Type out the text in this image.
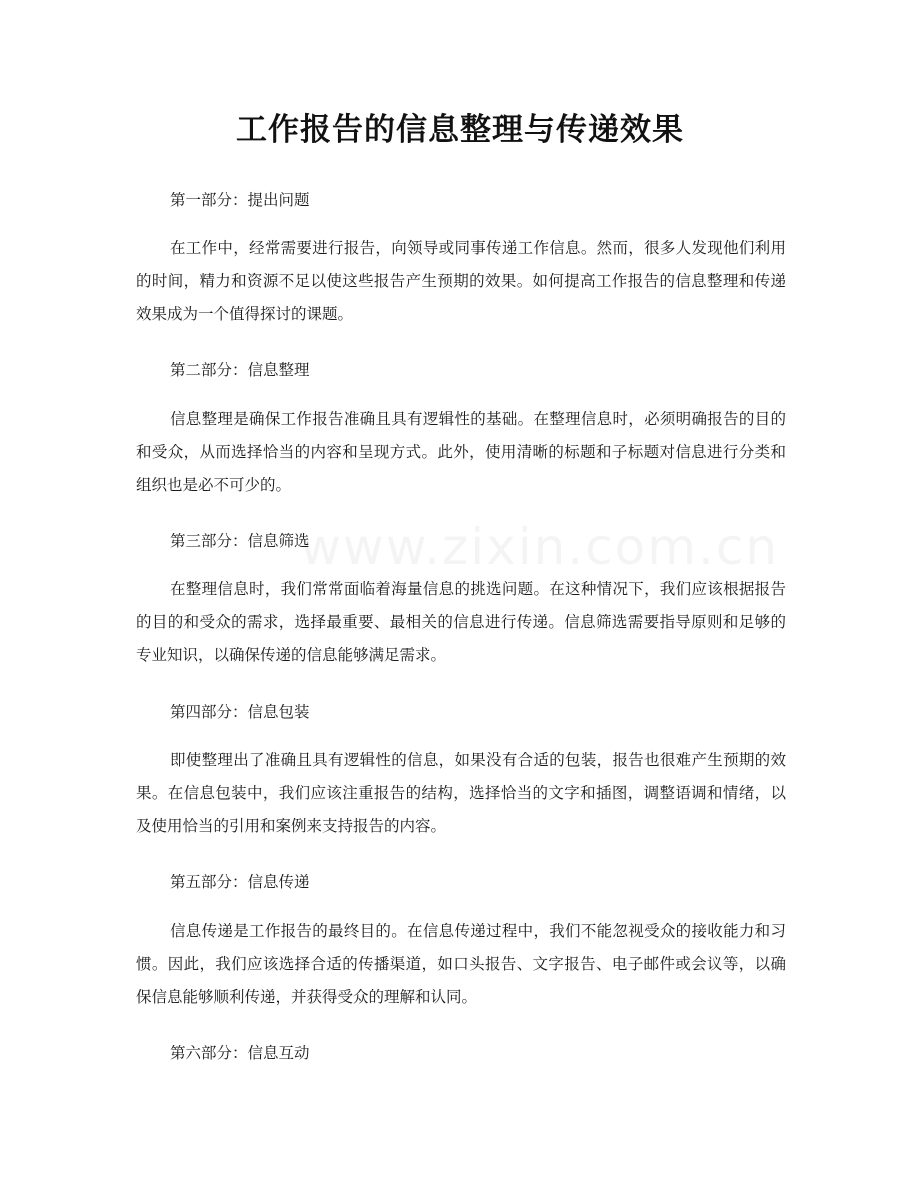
工作报告的信息整理与传递效果
第一部分：提出问题
在工作中，经常需要进行报告，向领导或同事传递工作信息。然而，很多人发现他们利用的时间，精力和资源不足以使这些报告产生预期的效果。如何提高工作报告的信息整理和传递效果成为一个值得探讨的课题。
第二部分：信息整理
信息整理是确保工作报告准确且具有逻辑性的基础。在整理信息时，必须明确报告的目的和受众，从而选择恰当的内容和呈现方式。此外，使用清晰的标题和子标题对信息进行分类和组织也是必不可少的。
第三部分：信息筛选
在整理信息时，我们常常面临着海量信息的挑选问题。在这种情况下，我们应该根据报告的目的和受众的需求，选择最重要、最相关的信息进行传递。信息筛选需要指导原则和足够的专业知识，以确保传递的信息能够满足需求。
第四部分：信息包装
即使整理出了准确且具有逻辑性的信息，如果没有合适的包装，报告也很难产生预期的效果。在信息包装中，我们应该注重报告的结构，选择恰当的文字和插图，调整语调和情绪，以及使用恰当的引用和案例来支持报告的内容。
第五部分：信息传递
信息传递是工作报告的最终目的。在信息传递过程中，我们不能忽视受众的接收能力和习惯。因此，我们应该选择合适的传播渠道，如口头报告、文字报告、电子邮件或会议等，以确保信息能够顺利传递，并获得受众的理解和认同。
第六部分：信息互动
